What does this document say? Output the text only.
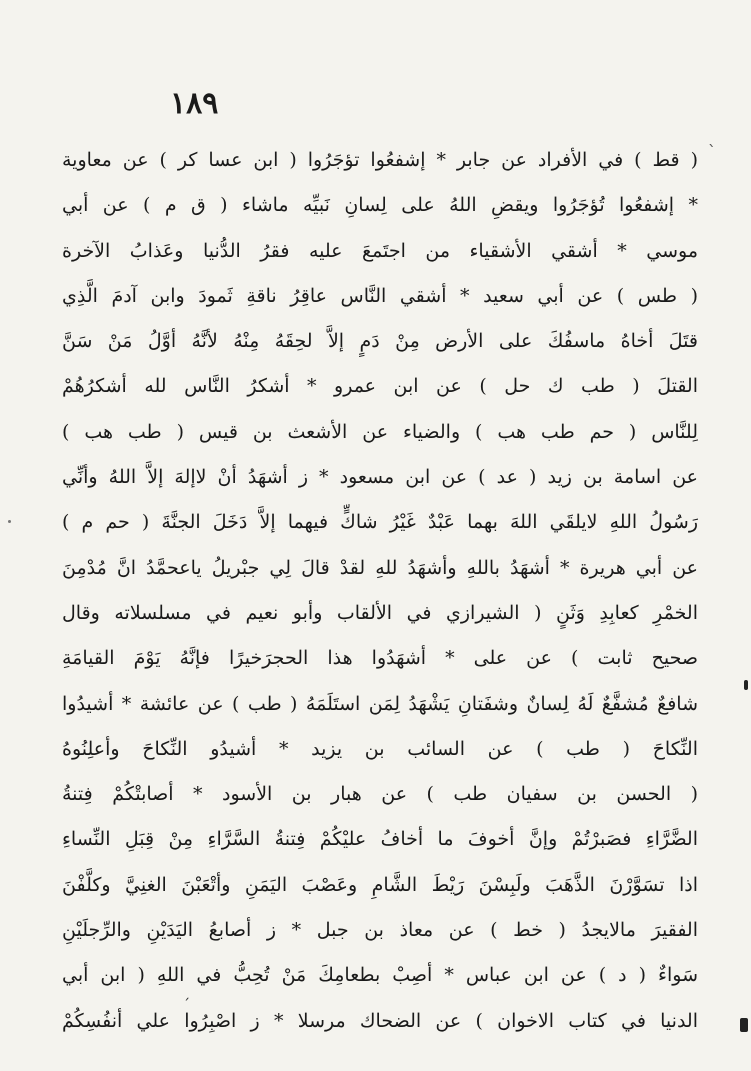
١٨٩
ˎ
( قط ) في الأفراد عن جابر * إشفعُوا تؤجَرُوا ( ابن عسا كر ) عن معاوية
* إشفعُوا تُؤجَرُوا ويقضِ اللهُ على لِسانِ نَبيِّه ماشاء ( ق م ) عن أبي
موسي * أشقي الأشقياء من اجتَمعَ عليه فقرُ الدُّنيا وعَذابُ الآخرة
( طس ) عن أبي سعيد * أشقي النَّاس عاقِرُ ناقةِ ثَمودَ وابن آدمَ الَّذِي
قتَلَ أخاهُ ماسفُكَ على الأرض مِنْ دَمٍ إلاَّ لحِقَهُ مِنْهُ لأنَّهُ أوَّلُ مَنْ سَنَّ
القتلَ ( طب ك حل ) عن ابن عمرو * أشكرُ النَّاس لله أشكرُهُمْ
لِلنَّاس ( حم طب هب ) والضياء عن الأشعث بن قيس ( طب هب )
عن اسامة بن زيد ( عد ) عن ابن مسعود * ز أشهَدُ أنْ لاإلهَ إلاَّ اللهُ وأنِّي
رَسُولُ اللهِ لايلقَي اللهَ بهما عَبْدٌ غَيْرُ شاكٍّ فيهما إلاَّ دَخَلَ الجنَّةَ ( حم م )
عن أبي هريرة * أشهَدُ باللهِ وأشهَدُ للهِ لقدْ قالَ لِي جبْريلُ ياعحمَّدُ انَّ مُدْمِنَ
الخمْرِ كعابِدِ وَثَنٍ ( الشيرازي في الألقاب وأبو نعيم في مسلسلاته وقال
صحيح ثابت ) عن على * أشهَدُوا هذا الحجرَخيرًا فإنَّهُ يَوْمَ القيامَةِ
شافعٌ مُشفَّعٌ لَهُ لِسانٌ وشفَتانِ يَشْهَدُ لِمَن استَلَمَهُ ( طب ) عن عائشة * أشيدُوا
النِّكاحَ ( طب ) عن السائب بن يزيد * أشيدُو النِّكاحَ وأعلِنُوهُ
( الحسن بن سفيان طب ) عن هبار بن الأسود * أصابتْكُمْ فِتنةُ
الضَّرَّاءِ فصَبرْتُمْ وإنَّ أخوفَ ما أخافُ عليْكُمْ فِتنةُ السَّرَّاءِ مِنْ قِبَلِ النِّساءِ
اذا تسَوَّرْنَ الذَّهَبَ ولَبِسْنَ رَيْطَ الشَّامِ وعَصْبَ اليَمَنِ وأتْعَبْنَ الغنِيَّ وكلَّفْنَ
الفقيرَ مالايجدُ ( خط ) عن معاذ بن جبل * ز أصابعُ اليَدَيْنِ والرِّجلَيْنِ
سَواءٌ ( د ) عن ابن عباس * أصِبْ بطعامِكَ مَنْ تُحِبُّ في اللهِ ( ابن أبي
الدنيا في كتاب الاخوان ) عن الضحاك مرسلا * ز اصْبِرُوا علي أنفُسِكُمْ
ˏ
